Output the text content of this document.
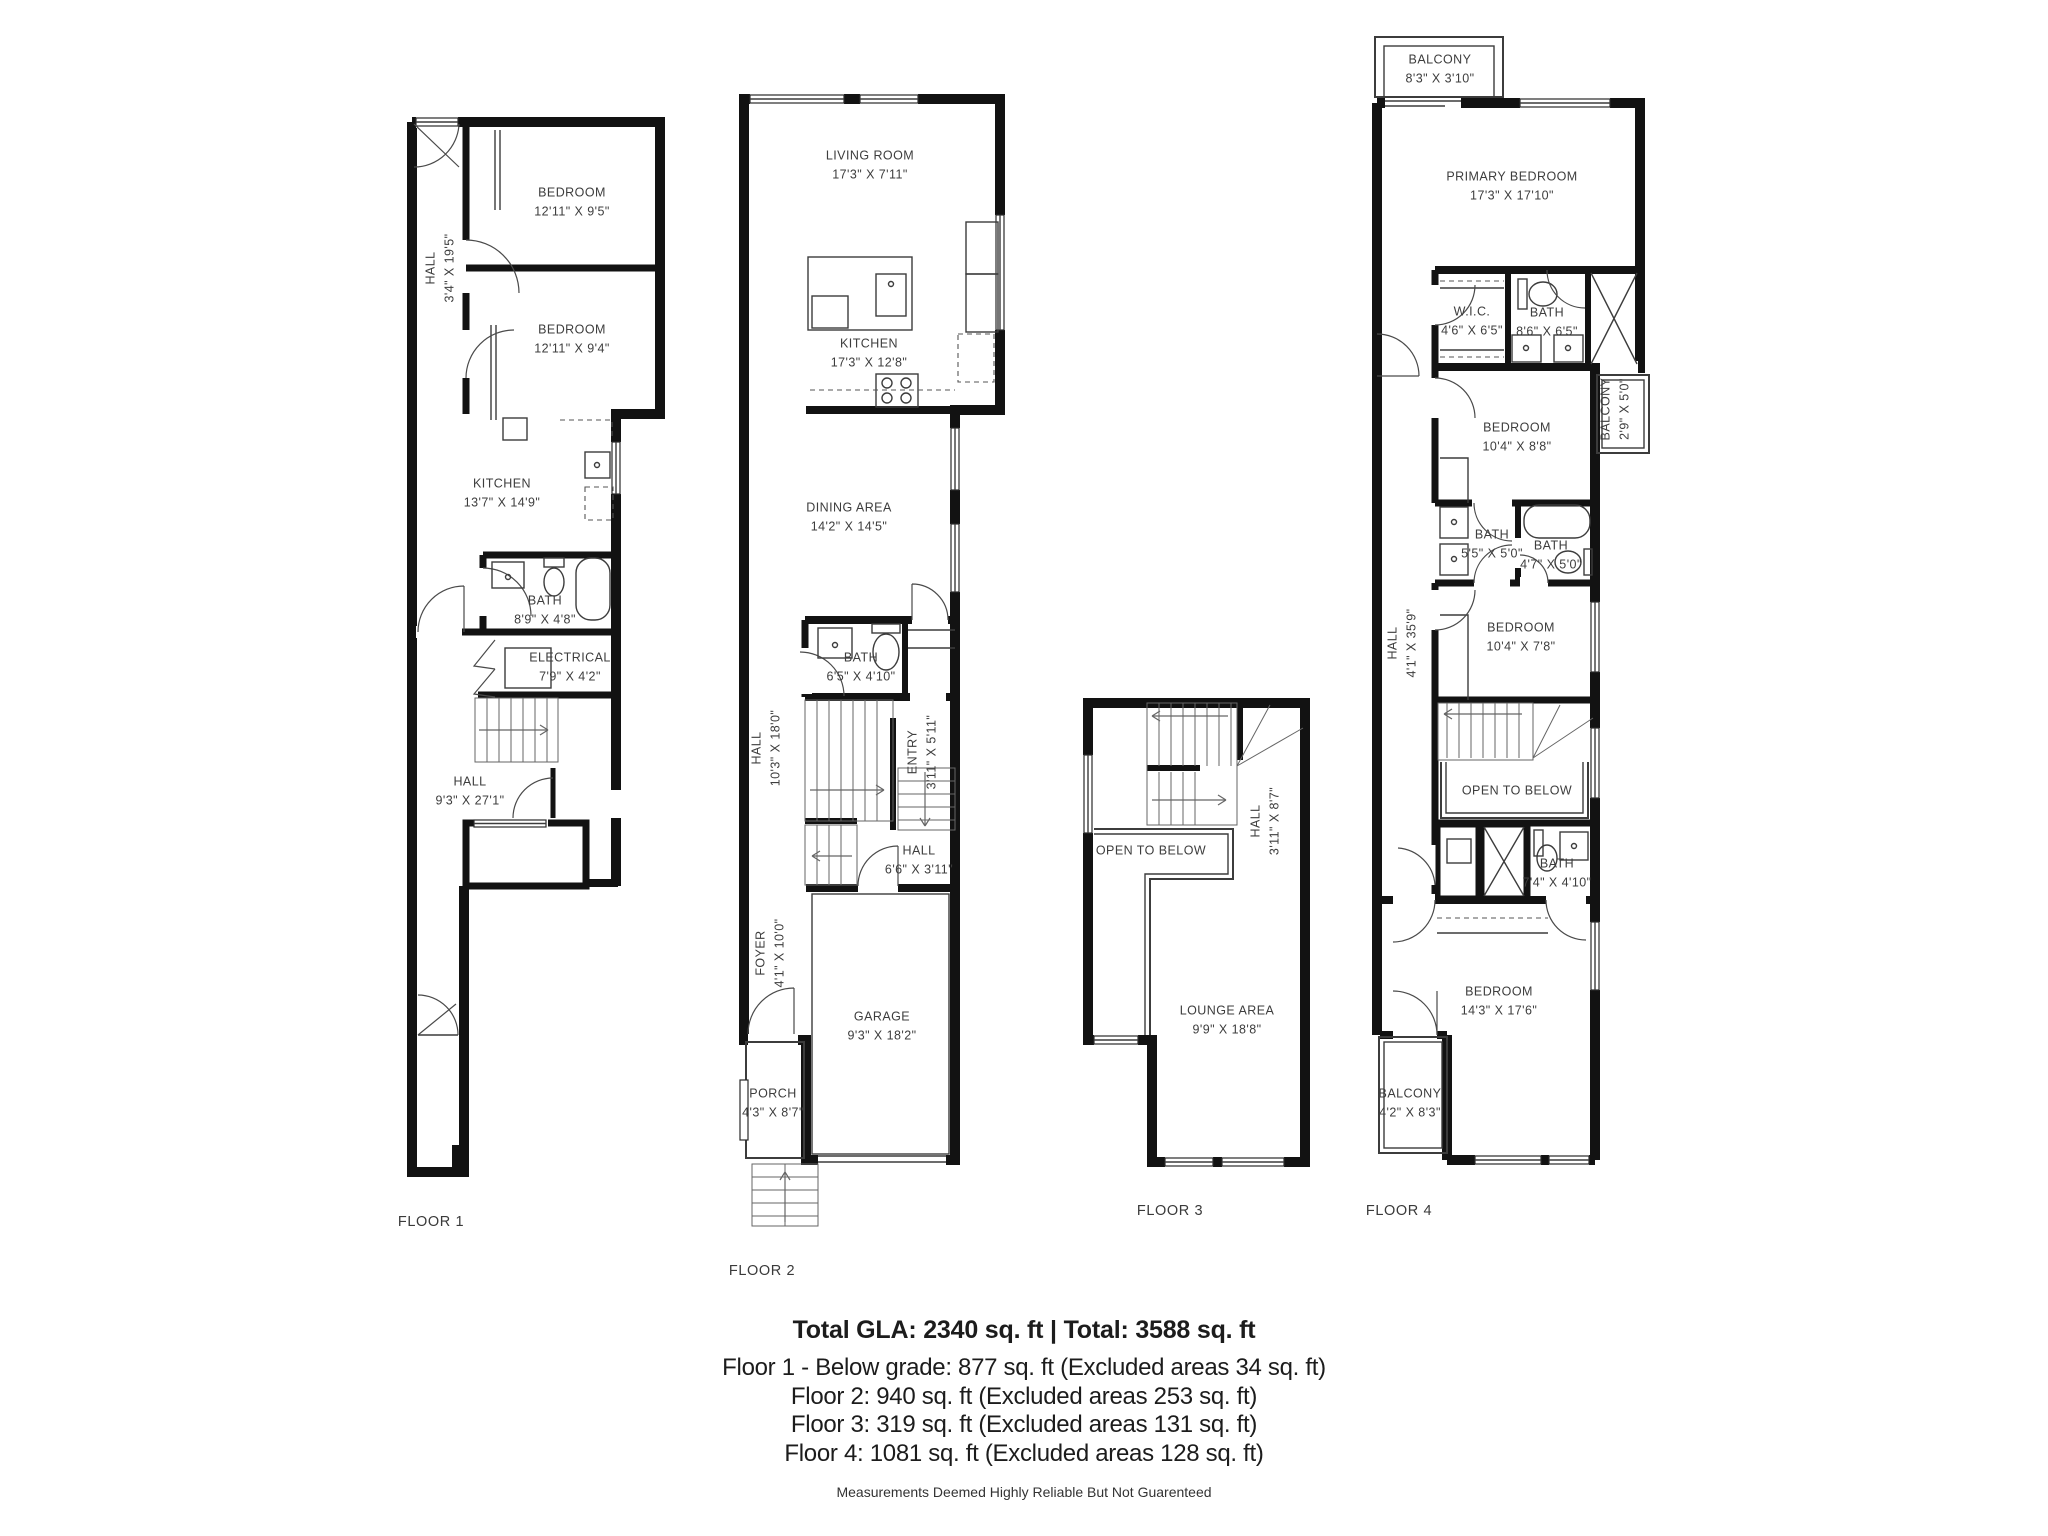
BEDROOM
12'11" X 9'5"
BEDROOM
12'11" X 9'4"
HALL 3'4" X 19'5"
KITCHEN
13'7" X 14'9"
BATH
8'9" X 4'8"
ELECTRICAL
7'9" X 4'2"
HALL
9'3" X 27'1"
FLOOR 1
LIVING ROOM
17'3" X 7'11"
KITCHEN
17'3" X 12'8"
DINING AREA
14'2" X 14'5"
BATH
6'5" X 4'10"
HALL 10'3" X 18'0"	ENTRY 3'11" X 5'11"
HALL
6'6" X 3'11"
FOYER 4'1" X 10'0"
GARAGE
9'3" X 18'2"
PORCH
4'3" X 8'7"
FLOOR 2
OPEN TO BELOW
HALL 3'11" X 8'7"
LOUNGE AREA
9'9" X 18'8"
FLOOR 3
BALCONY
8'3" X 3'10"
PRIMARY BEDROOM
17'3" X 17'10"
W.I.C.
4'6" X 6'5"
BATH
8'6" X 6'5"
BEDROOM
10'4" X 8'8"
BALCONY 2'9" X 5'0"
BATH
5'5" X 5'0"
BATH
4'7" X 5'0"
BEDROOM
10'4" X 7'8"
HALL 4'1" X 35'9"
OPEN TO BELOW
BATH
7'4" X 4'10"
BEDROOM
14'3" X 17'6"
BALCONY
4'2" X 8'3"
FLOOR 4
Total GLA: 2340 sq. ft | Total: 3588 sq. ft
Floor 1 - Below grade: 877 sq. ft (Excluded areas 34 sq. ft)
Floor 2: 940 sq. ft (Excluded areas 253 sq. ft)
Floor 3: 319 sq. ft (Excluded areas 131 sq. ft)
Floor 4: 1081 sq. ft (Excluded areas 128 sq. ft)
Measurements Deemed Highly Reliable But Not Guarenteed
